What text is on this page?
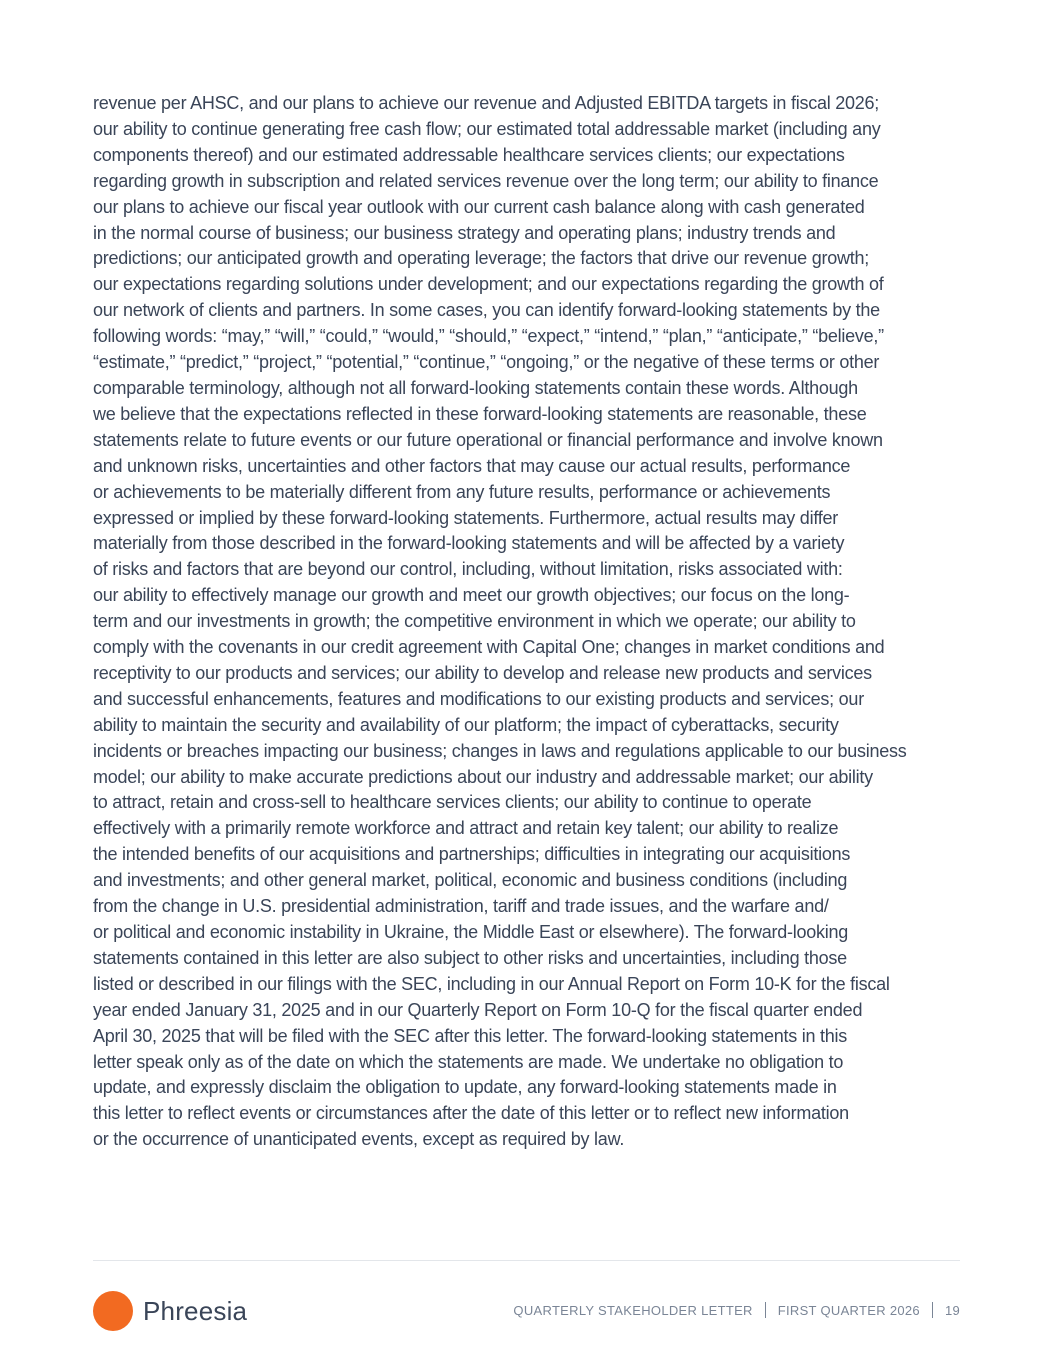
revenue per AHSC, and our plans to achieve our revenue and Adjusted EBITDA targets in fiscal 2026;
our ability to continue generating free cash flow; our estimated total addressable market (including any
components thereof) and our estimated addressable healthcare services clients; our expectations
regarding growth in subscription and related services revenue over the long term; our ability to finance
our plans to achieve our fiscal year outlook with our current cash balance along with cash generated
in the normal course of business; our business strategy and operating plans; industry trends and
predictions; our anticipated growth and operating leverage; the factors that drive our revenue growth;
our expectations regarding solutions under development; and our expectations regarding the growth of
our network of clients and partners. In some cases, you can identify forward-looking statements by the
following words: “may,” “will,” “could,” “would,” “should,” “expect,” “intend,” “plan,” “anticipate,” “believe,”
“estimate,” “predict,” “project,” “potential,” “continue,” “ongoing,” or the negative of these terms or other
comparable terminology, although not all forward-looking statements contain these words. Although
we believe that the expectations reflected in these forward-looking statements are reasonable, these
statements relate to future events or our future operational or financial performance and involve known
and unknown risks, uncertainties and other factors that may cause our actual results, performance
or achievements to be materially different from any future results, performance or achievements
expressed or implied by these forward-looking statements. Furthermore, actual results may differ
materially from those described in the forward-looking statements and will be affected by a variety
of risks and factors that are beyond our control, including, without limitation, risks associated with:
our ability to effectively manage our growth and meet our growth objectives; our focus on the long-
term and our investments in growth; the competitive environment in which we operate; our ability to
comply with the covenants in our credit agreement with Capital One; changes in market conditions and
receptivity to our products and services; our ability to develop and release new products and services
and successful enhancements, features and modifications to our existing products and services; our
ability to maintain the security and availability of our platform; the impact of cyberattacks, security
incidents or breaches impacting our business; changes in laws and regulations applicable to our business
model; our ability to make accurate predictions about our industry and addressable market; our ability
to attract, retain and cross-sell to healthcare services clients; our ability to continue to operate
effectively with a primarily remote workforce and attract and retain key talent; our ability to realize
the intended benefits of our acquisitions and partnerships; difficulties in integrating our acquisitions
and investments; and other general market, political, economic and business conditions (including
from the change in U.S. presidential administration, tariff and trade issues, and the warfare and/
or political and economic instability in Ukraine, the Middle East or elsewhere). The forward-looking
statements contained in this letter are also subject to other risks and uncertainties, including those
listed or described in our filings with the SEC, including in our Annual Report on Form 10-K for the fiscal
year ended January 31, 2025 and in our Quarterly Report on Form 10-Q for the fiscal quarter ended
April 30, 2025 that will be filed with the SEC after this letter. The forward-looking statements in this
letter speak only as of the date on which the statements are made. We undertake no obligation to
update, and expressly disclaim the obligation to update, any forward-looking statements made in
this letter to reflect events or circumstances after the date of this letter or to reflect new information
or the occurrence of unanticipated events, except as required by law.

Phreesia	QUARTERLY STAKEHOLDER LETTER FIRST QUARTER 2026 19
